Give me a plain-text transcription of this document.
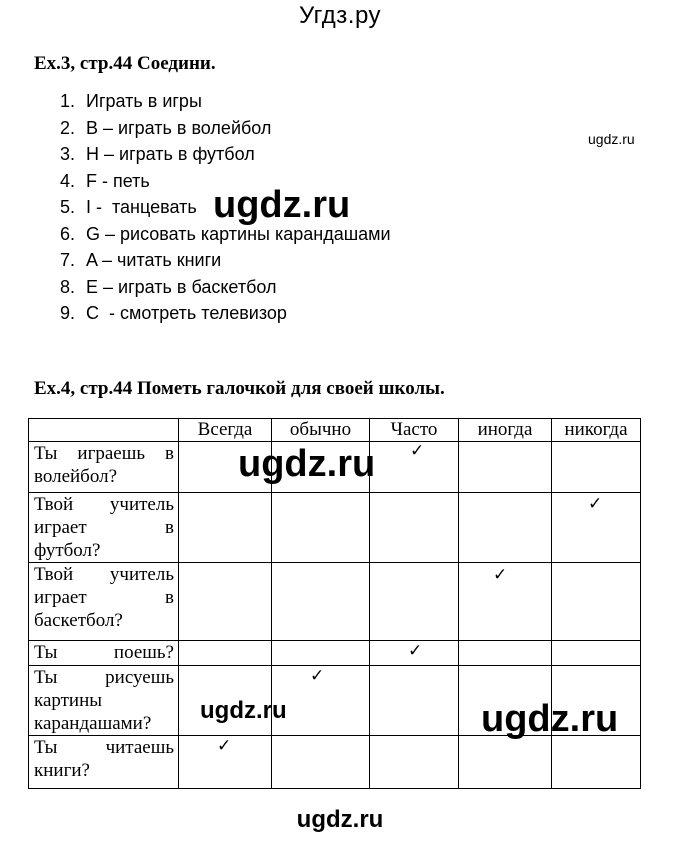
Угдз.ру
Ex.3, стр.44 Соедини.
1. Играть в игры
2. B – играть в волейбол
3. H – играть в футбол
4. F - петь
5. I -  танцевать
6. G – рисовать картины карандашами
7. A – читать книги
8. E – играть в баскетбол
9. C  - смотреть телевизор
Ex.4, стр.44 Пометь галочкой для своей школы.
	Всегда	обычно	Часто	иногда	никогда

Ты играешь в
волейбол?			✓		

Твой учитель
играет в
футбол?					✓

Твой учитель
играет в
баскетбол?				✓	

Ты поешь?			✓		

Ты рисуешь
картины
карандашами?		✓			

Ты читаешь
книги?	✓				

ugdz.ru
ugdz.ru
ugdz.ru
ugdz.ru	ugdz.ru
ugdz.ru
